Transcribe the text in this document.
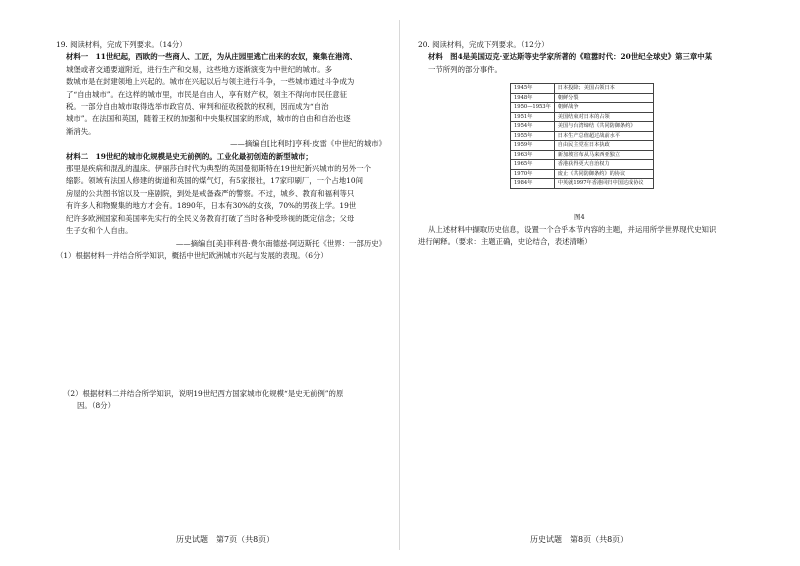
19. 阅读材料，完成下列要求。（14分）
材料一　11世纪起，西欧的一些商人、工匠，为从庄园里逃亡出来的农奴，聚集在港湾、
城堡或者交通要道附近，进行生产和交易，这些地方逐渐演变为中世纪的城市。多
数城市是在封建领地上兴起的。城市在兴起以后与领主进行斗争，一些城市通过斗争成为
了“自由城市”。在这样的城市里，市民是自由人，享有财产权，领主不得向市民任意征
税。一部分自由城市取得选举市政官员、审判和征收税款的权利，因而成为“自治
城市”。在法国和英国，随着王权的加强和中央集权国家的形成，城市的自由和自治也逐
渐消失。
——摘编自[比利时]亨利·皮雷《中世纪的城市》
材料二　19世纪的城市化规模是史无前例的。工业化最初创造的新型城市；
那里是疾病和混乱的温床。伊丽莎白时代为典型的英国曼彻斯特在19世纪新兴城市的另外一个
缩影。领域有法国人修建的街道和英国的煤气灯，有5家报社，17家印刷厂，一个占地10间
房屋的公共图书馆以及一座剧院，到处是戒备森严的警察。不过，城乡、教育和福利等只
有许多人和物聚集的地方才会有。1890年，日本有30%的女孩，70%的男孩上学。19世
纪许多欧洲国家和美国率先实行的全民义务教育打破了当时各种受珍视的既定信念；父母
生子女和个人自由。
——摘编自[美]菲利普·费尔南德兹-阿迈斯托《世界：一部历史》
（1）根据材料一并结合所学知识，概括中世纪欧洲城市兴起与发展的表现。（6分）
（2）根据材料二并结合所学知识，说明19世纪西方国家城市化规模“是史无前例”的原
因。（8分）
历史试题　第7页（共8页）
20. 阅读材料，完成下列要求。（12分）
材料　图4是美国迈克·亚达斯等史学家所著的《喧嚣时代：20世纪全球史》第三章中某
一节所列的部分事件。
1945年	日本投降；美国占领日本
1948年	朝鲜分裂
1950—1953年	朝鲜战争
1951年	美国结束对日本的占领
1954年	美国与台湾缔结《共同防御条约》
1955年	日本生产总值超过战前水平
1959年	自由民主党在日本执政
1963年	新加坡宣布从马来西亚独立
1965年	香港获得更大自治权力
1970年	废止《共同防御条约》的协议
1984年	中英就1997年香港回归中国达成协议
图4
从上述材料中撷取历史信息，设置一个合乎本节内容的主题，并运用所学世界现代史知识
进行阐释。（要求：主题正确，史论结合，表述清晰）
历史试题　第8页（共8页）
